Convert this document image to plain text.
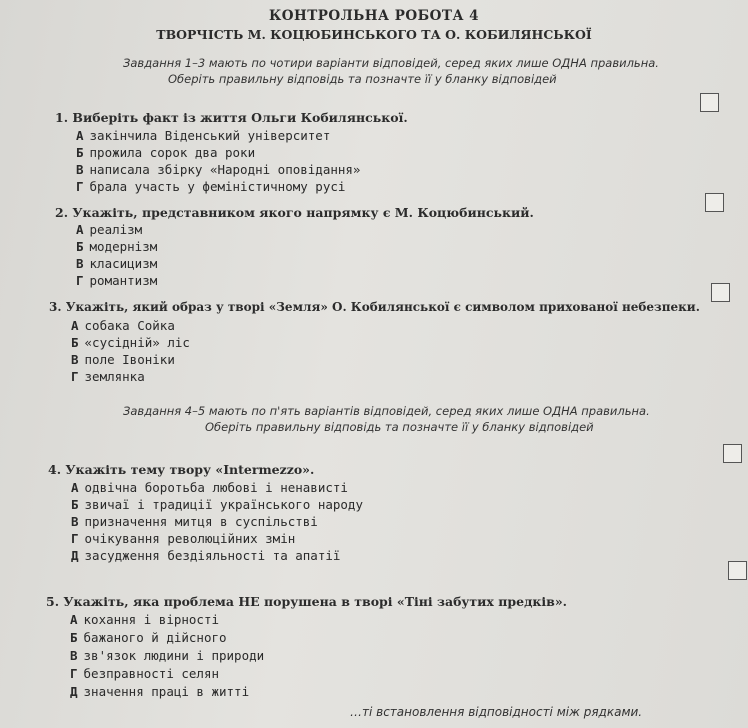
КОНТРОЛЬНА РОБОТА 4
ТВОРЧІСТЬ М. КОЦЮБИНСЬКОГО ТА О. КОБИЛЯНСЬКОЇ
Завдання 1–3 мають по чотири варіанти відповідей, серед яких лише ОДНА правильна.
Оберіть правильну відповідь та позначте її у бланку відповідей
1. Виберіть факт із життя Ольги Кобилянської.
А закінчила Віденський університет
Б прожила сорок два роки
В написала збірку «Народні оповідання»
Г брала участь у феміністичному русі
2. Укажіть, представником якого напрямку є М. Коцюбинський.
А реалізм
Б модернізм
В класицизм
Г романтизм
3. Укажіть, який образ у творі «Земля» О. Кобилянської є символом прихованої небезпеки.
А собака Сойка
Б «сусідній» ліс
В поле Івоніки
Г землянка
Завдання 4–5 мають по п'ять варіантів відповідей, серед яких лише ОДНА правильна.
Оберіть правильну відповідь та позначте її у бланку відповідей
4. Укажіть тему твору «Intermezzo».
А одвічна боротьба любові і ненависті
Б звичаї і традиції українського народу
В призначення митця в суспільстві
Г очікування революційних змін
Д засудження бездіяльності та апатії
5. Укажіть, яка проблема НЕ порушена в творі «Тіні забутих предків».
А кохання і вірності
Б бажаного й дійсного
В зв'язок людини і природи
Г безправності селян
Д значення праці в житті
…ті встановлення відповідності між рядками.
